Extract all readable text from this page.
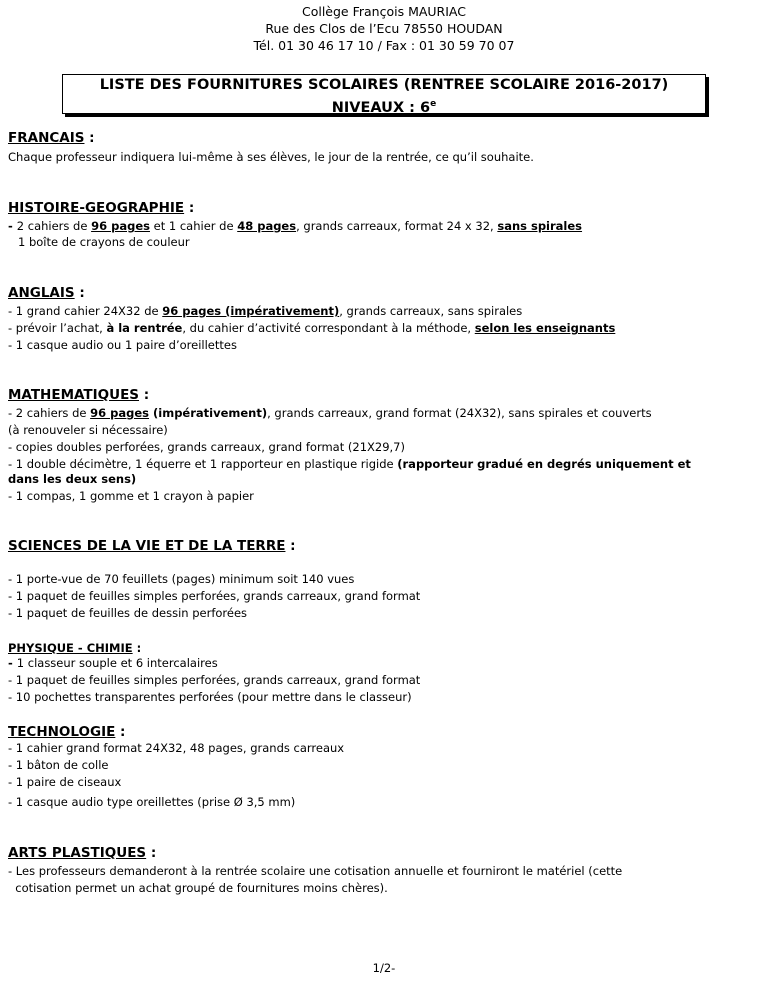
Collège François MAURIAC
Rue des Clos de l’Ecu 78550 HOUDAN
Tél. 01 30 46 17 10 / Fax : 01 30 59 70 07
LISTE DES FOURNITURES SCOLAIRES (RENTREE SCOLAIRE 2016-2017)
NIVEAUX : 6e
FRANCAIS :
Chaque professeur indiquera lui-même à ses élèves, le jour de la rentrée, ce qu’il souhaite.
HISTOIRE-GEOGRAPHIE :
- 2 cahiers de 96 pages et 1 cahier de 48 pages, grands carreaux, format 24 x 32, sans spirales
1 boîte de crayons de couleur
ANGLAIS :
- 1 grand cahier 24X32 de 96 pages (impérativement), grands carreaux, sans spirales
- prévoir l’achat, à la rentrée, du cahier d’activité correspondant à la méthode, selon les enseignants
- 1 casque audio ou 1 paire d’oreillettes
MATHEMATIQUES :
- 2 cahiers de 96 pages (impérativement), grands carreaux, grand format (24X32), sans spirales et couverts
(à renouveler si nécessaire)
- copies doubles perforées, grands carreaux, grand format (21X29,7)
- 1 double décimètre, 1 équerre et 1 rapporteur en plastique rigide (rapporteur gradué en degrés uniquement et
dans les deux sens)
- 1 compas, 1 gomme et 1 crayon à papier
SCIENCES DE LA VIE ET DE LA TERRE :
- 1 porte-vue de 70 feuillets (pages) minimum soit 140 vues
- 1 paquet de feuilles simples perforées, grands carreaux, grand format
- 1 paquet de feuilles de dessin perforées
PHYSIQUE - CHIMIE :
- 1 classeur souple et 6 intercalaires
- 1 paquet de feuilles simples perforées, grands carreaux, grand format
- 10 pochettes transparentes perforées (pour mettre dans le classeur)
TECHNOLOGIE :
- 1 cahier grand format 24X32, 48 pages, grands carreaux
- 1 bâton de colle
- 1 paire de ciseaux
- 1 casque audio type oreillettes (prise Ø 3,5 mm)
ARTS PLASTIQUES :
- Les professeurs demanderont à la rentrée scolaire une cotisation annuelle et fourniront le matériel (cette
cotisation permet un achat groupé de fournitures moins chères).
1/2-
